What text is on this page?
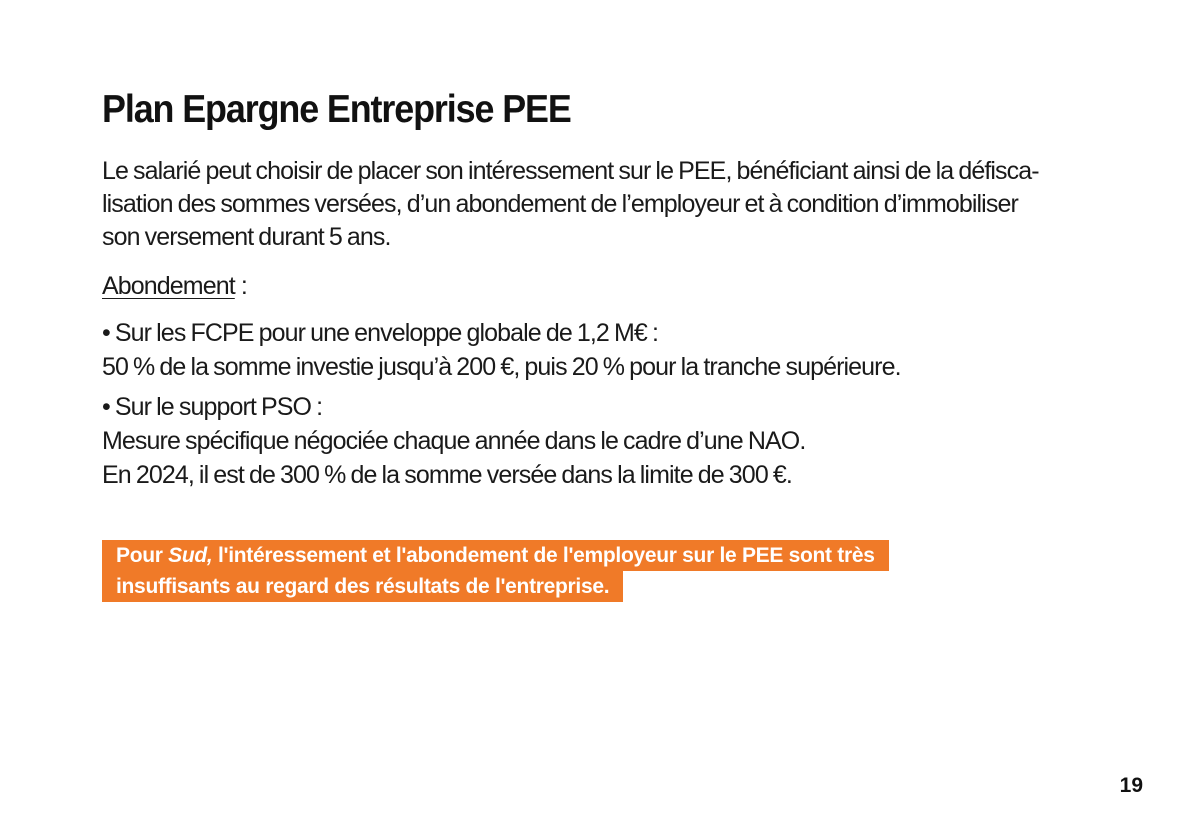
Plan Epargne Entreprise PEE

Le salarié peut choisir de placer son intéressement sur le PEE, bénéficiant ainsi de la défisca-
lisation des sommes versées, d’un abondement de l’employeur et à condition d’immobiliser
son versement durant 5 ans.

Abondement :

• Sur les FCPE pour une enveloppe globale de 1,2 M€ :
50 % de la somme investie jusqu’à 200 €, puis 20 % pour la tranche supérieure.
• Sur le support PSO :
Mesure spécifique négociée chaque année dans le cadre d’une NAO.
En 2024, il est de 300 % de la somme versée dans la limite de 300 €.
Pour Sud, l'intéressement et l'abondement de l'employeur sur le PEE sont très
insuffisants au regard des résultats de l'entreprise.

19
